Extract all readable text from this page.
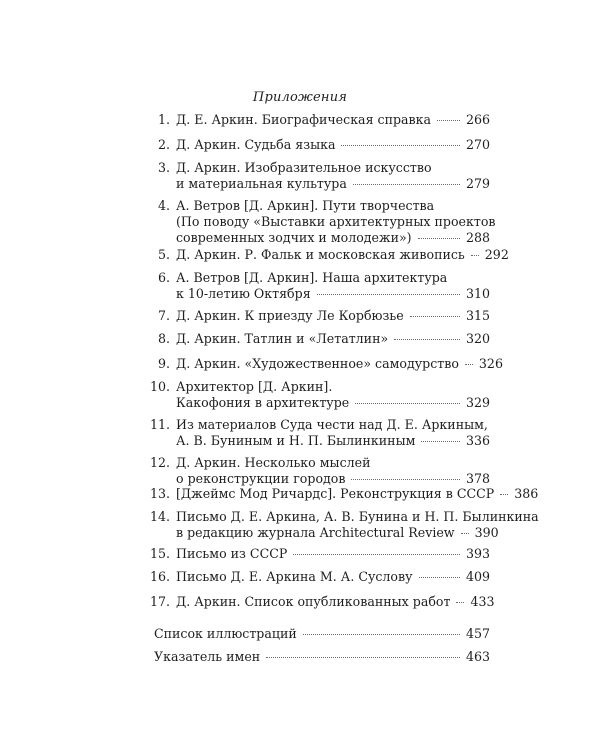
Приложения
1. Д. Е. Аркин. Биографическая справка	266
2. Д. Аркин. Судьба языка	270
3. Д. Аркин. Изобразительное искусство
и материальная культура	279
4. А. Ветров [Д. Аркин]. Пути творчества
(По поводу «Выставки архитектурных проектов
современных зодчих и молодежи»)	288
5. Д. Аркин. Р. Фальк и московская живопись 292
6. А. Ветров [Д. Аркин]. Наша архитектура
к 10-летию Октября	310
7. Д. Аркин. К приезду Ле Корбюзье	315
8. Д. Аркин. Татлин и «Летатлин»	320
9. Д. Аркин. «Художественное» самодурство 326
10. Архитектор [Д. Аркин].
Какофония в архитектуре	329
11. Из материалов Суда чести над Д. Е. Аркиным,
А. В. Буниным и Н. П. Былинкиным	336
12. Д. Аркин. Несколько мыслей
о реконструкции городов	378
13. [Джеймс Мод Ричардс]. Реконструкция в СССР 386
14. Письмо Д. Е. Аркина, А. В. Бунина и Н. П. Былинкина
в редакцию журнала Architectural Review 390
15. Письмо из СССР	393
16. Письмо Д. Е. Аркина М. А. Суслову	409
17. Д. Аркин. Список опубликованных работ 433
Список иллюстраций	457
Указатель имен	463
